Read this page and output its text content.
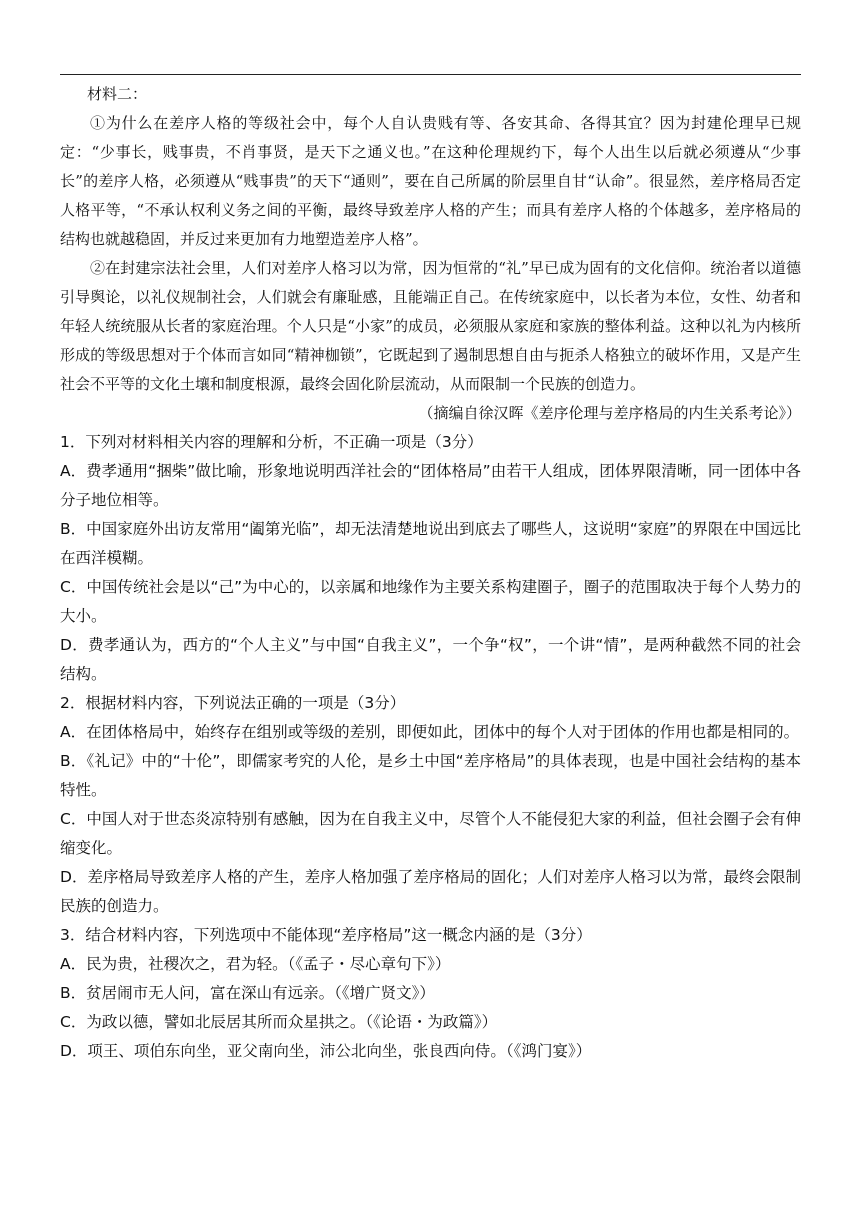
材料二：

①为什么在差序人格的等级社会中，每个人自认贵贱有等、各安其命、各得其宜？因为封建伦理早已规定：“少事长，贱事贵，不肖事贤，是天下之通义也。”在这种伦理规约下，每个人出生以后就必须遵从“少事长”的差序人格，必须遵从“贱事贵”的天下“通则”，要在自己所属的阶层里自甘“认命”。很显然，差序格局否定人格平等，“不承认权利义务之间的平衡，最终导致差序人格的产生；而具有差序人格的个体越多，差序格局的结构也就越稳固，并反过来更加有力地塑造差序人格”。

②在封建宗法社会里，人们对差序人格习以为常，因为恒常的“礼”早已成为固有的文化信仰。统治者以道德引导舆论，以礼仪规制社会，人们就会有廉耻感，且能端正自己。在传统家庭中，以长者为本位，女性、幼者和年轻人统统服从长者的家庭治理。个人只是“小家”的成员，必须服从家庭和家族的整体利益。这种以礼为内核所形成的等级思想对于个体而言如同“精神枷锁”，它既起到了遏制思想自由与扼杀人格独立的破坏作用，又是产生社会不平等的文化土壤和制度根源，最终会固化阶层流动，从而限制一个民族的创造力。

（摘编自徐汉晖《差序伦理与差序格局的内生关系考论》）

1．下列对材料相关内容的理解和分析，不正确一项是（3分）

A．费孝通用“捆柴”做比喻，形象地说明西洋社会的“团体格局”由若干人组成，团体界限清晰，同一团体中各分子地位相等。

B．中国家庭外出访友常用“阖第光临”，却无法清楚地说出到底去了哪些人，这说明“家庭”的界限在中国远比在西洋模糊。

C．中国传统社会是以“己”为中心的，以亲属和地缘作为主要关系构建圈子，圈子的范围取决于每个人势力的大小。

D．费孝通认为，西方的“个人主义”与中国“自我主义”，一个争“权”，一个讲“情”，是两种截然不同的社会结构。

2．根据材料内容，下列说法正确的一项是（3分）

A．在团体格局中，始终存在组别或等级的差别，即便如此，团体中的每个人对于团体的作用也都是相同的。

B．《礼记》中的“十伦”，即儒家考究的人伦，是乡土中国“差序格局”的具体表现，也是中国社会结构的基本特性。

C．中国人对于世态炎凉特别有感触，因为在自我主义中，尽管个人不能侵犯大家的利益，但社会圈子会有伸缩变化。

D．差序格局导致差序人格的产生，差序人格加强了差序格局的固化；人们对差序人格习以为常，最终会限制民族的创造力。

3．结合材料内容，下列选项中不能体现“差序格局”这一概念内涵的是（3分）

A．民为贵，社稷次之，君为轻。（《孟子・尽心章句下》）

B．贫居闹市无人问，富在深山有远亲。（《增广贤文》）

C．为政以德，譬如北辰居其所而众星拱之。（《论语・为政篇》）

D．项王、项伯东向坐，亚父南向坐，沛公北向坐，张良西向侍。（《鸿门宴》）
